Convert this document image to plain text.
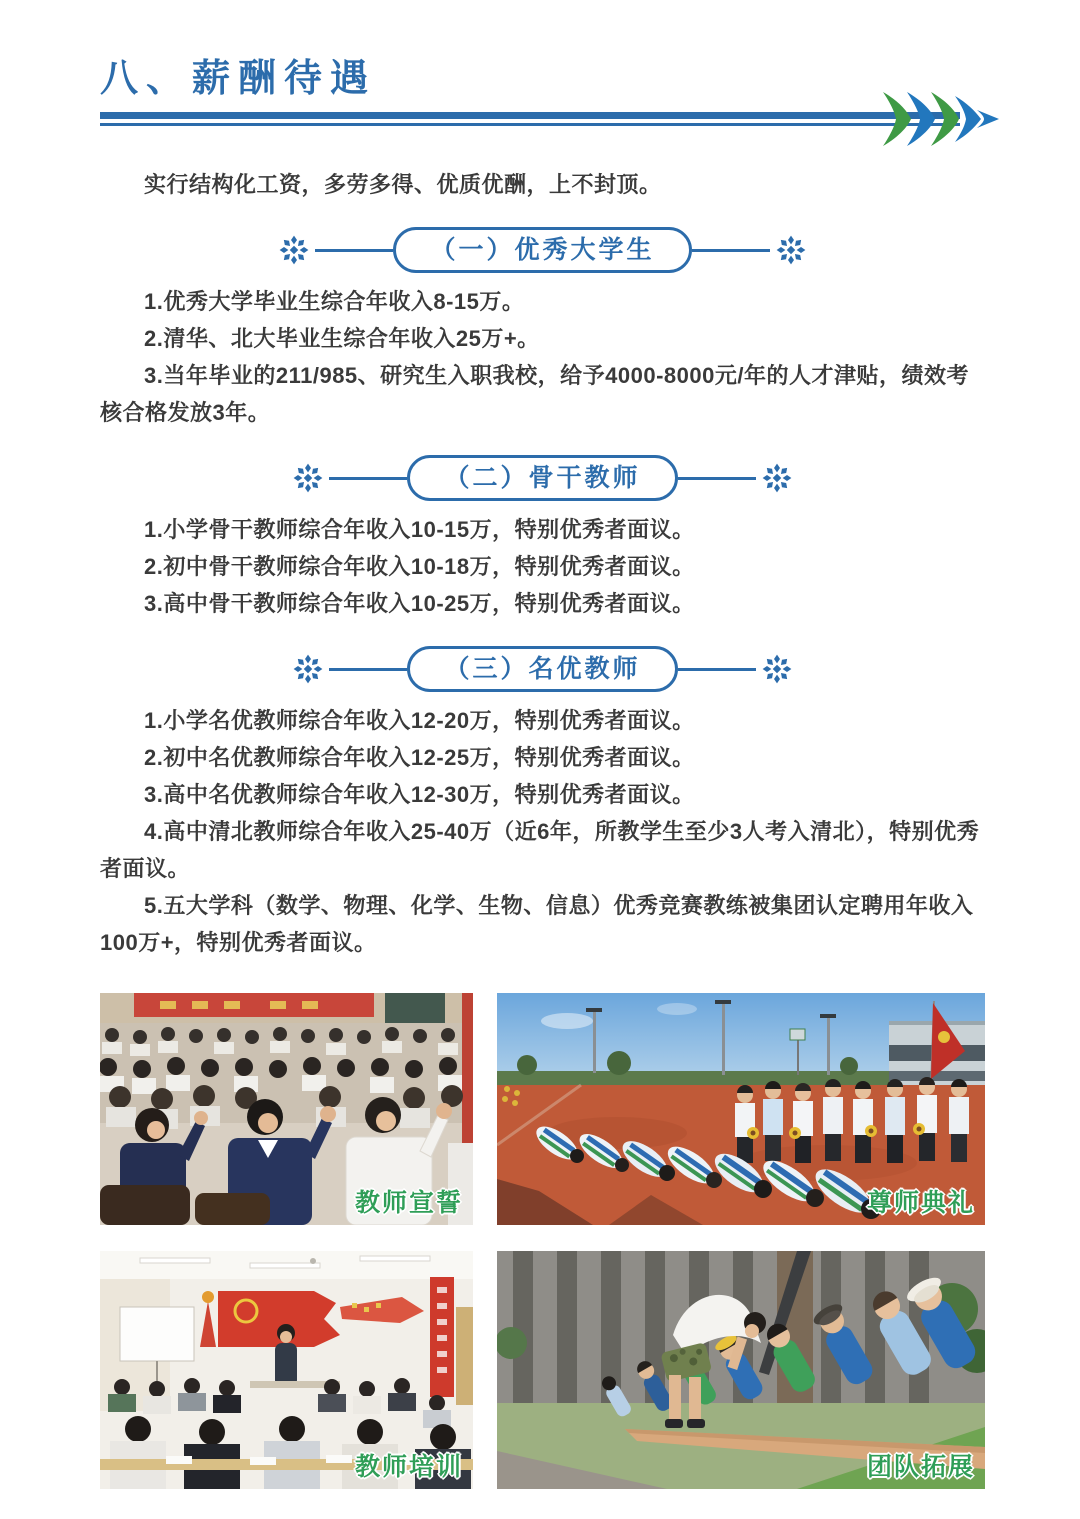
八、薪酬待遇

实行结构化工资，多劳多得、优质优酬，上不封顶。

（一）优秀大学生

1.优秀大学毕业生综合年收入8-15万。

2.清华、北大毕业生综合年收入25万+。

3.当年毕业的211/985、研究生入职我校，给予4000-8000元/年的人才津贴，绩效考核合格发放3年。

（二）骨干教师

1.小学骨干教师综合年收入10-15万，特别优秀者面议。

2.初中骨干教师综合年收入10-18万，特别优秀者面议。

3.高中骨干教师综合年收入10-25万，特别优秀者面议。

（三）名优教师

1.小学名优教师综合年收入12-20万，特别优秀者面议。

2.初中名优教师综合年收入12-25万，特别优秀者面议。

3.高中名优教师综合年收入12-30万，特别优秀者面议。

4.高中清北教师综合年收入25-40万（近6年，所教学生至少3人考入清北），特别优秀者面议。

5.五大学科（数学、物理、化学、生物、信息）优秀竞赛教练被集团认定聘用年收入100万+，特别优秀者面议。

教师宣誓	尊师典礼
教师培训	团队拓展
